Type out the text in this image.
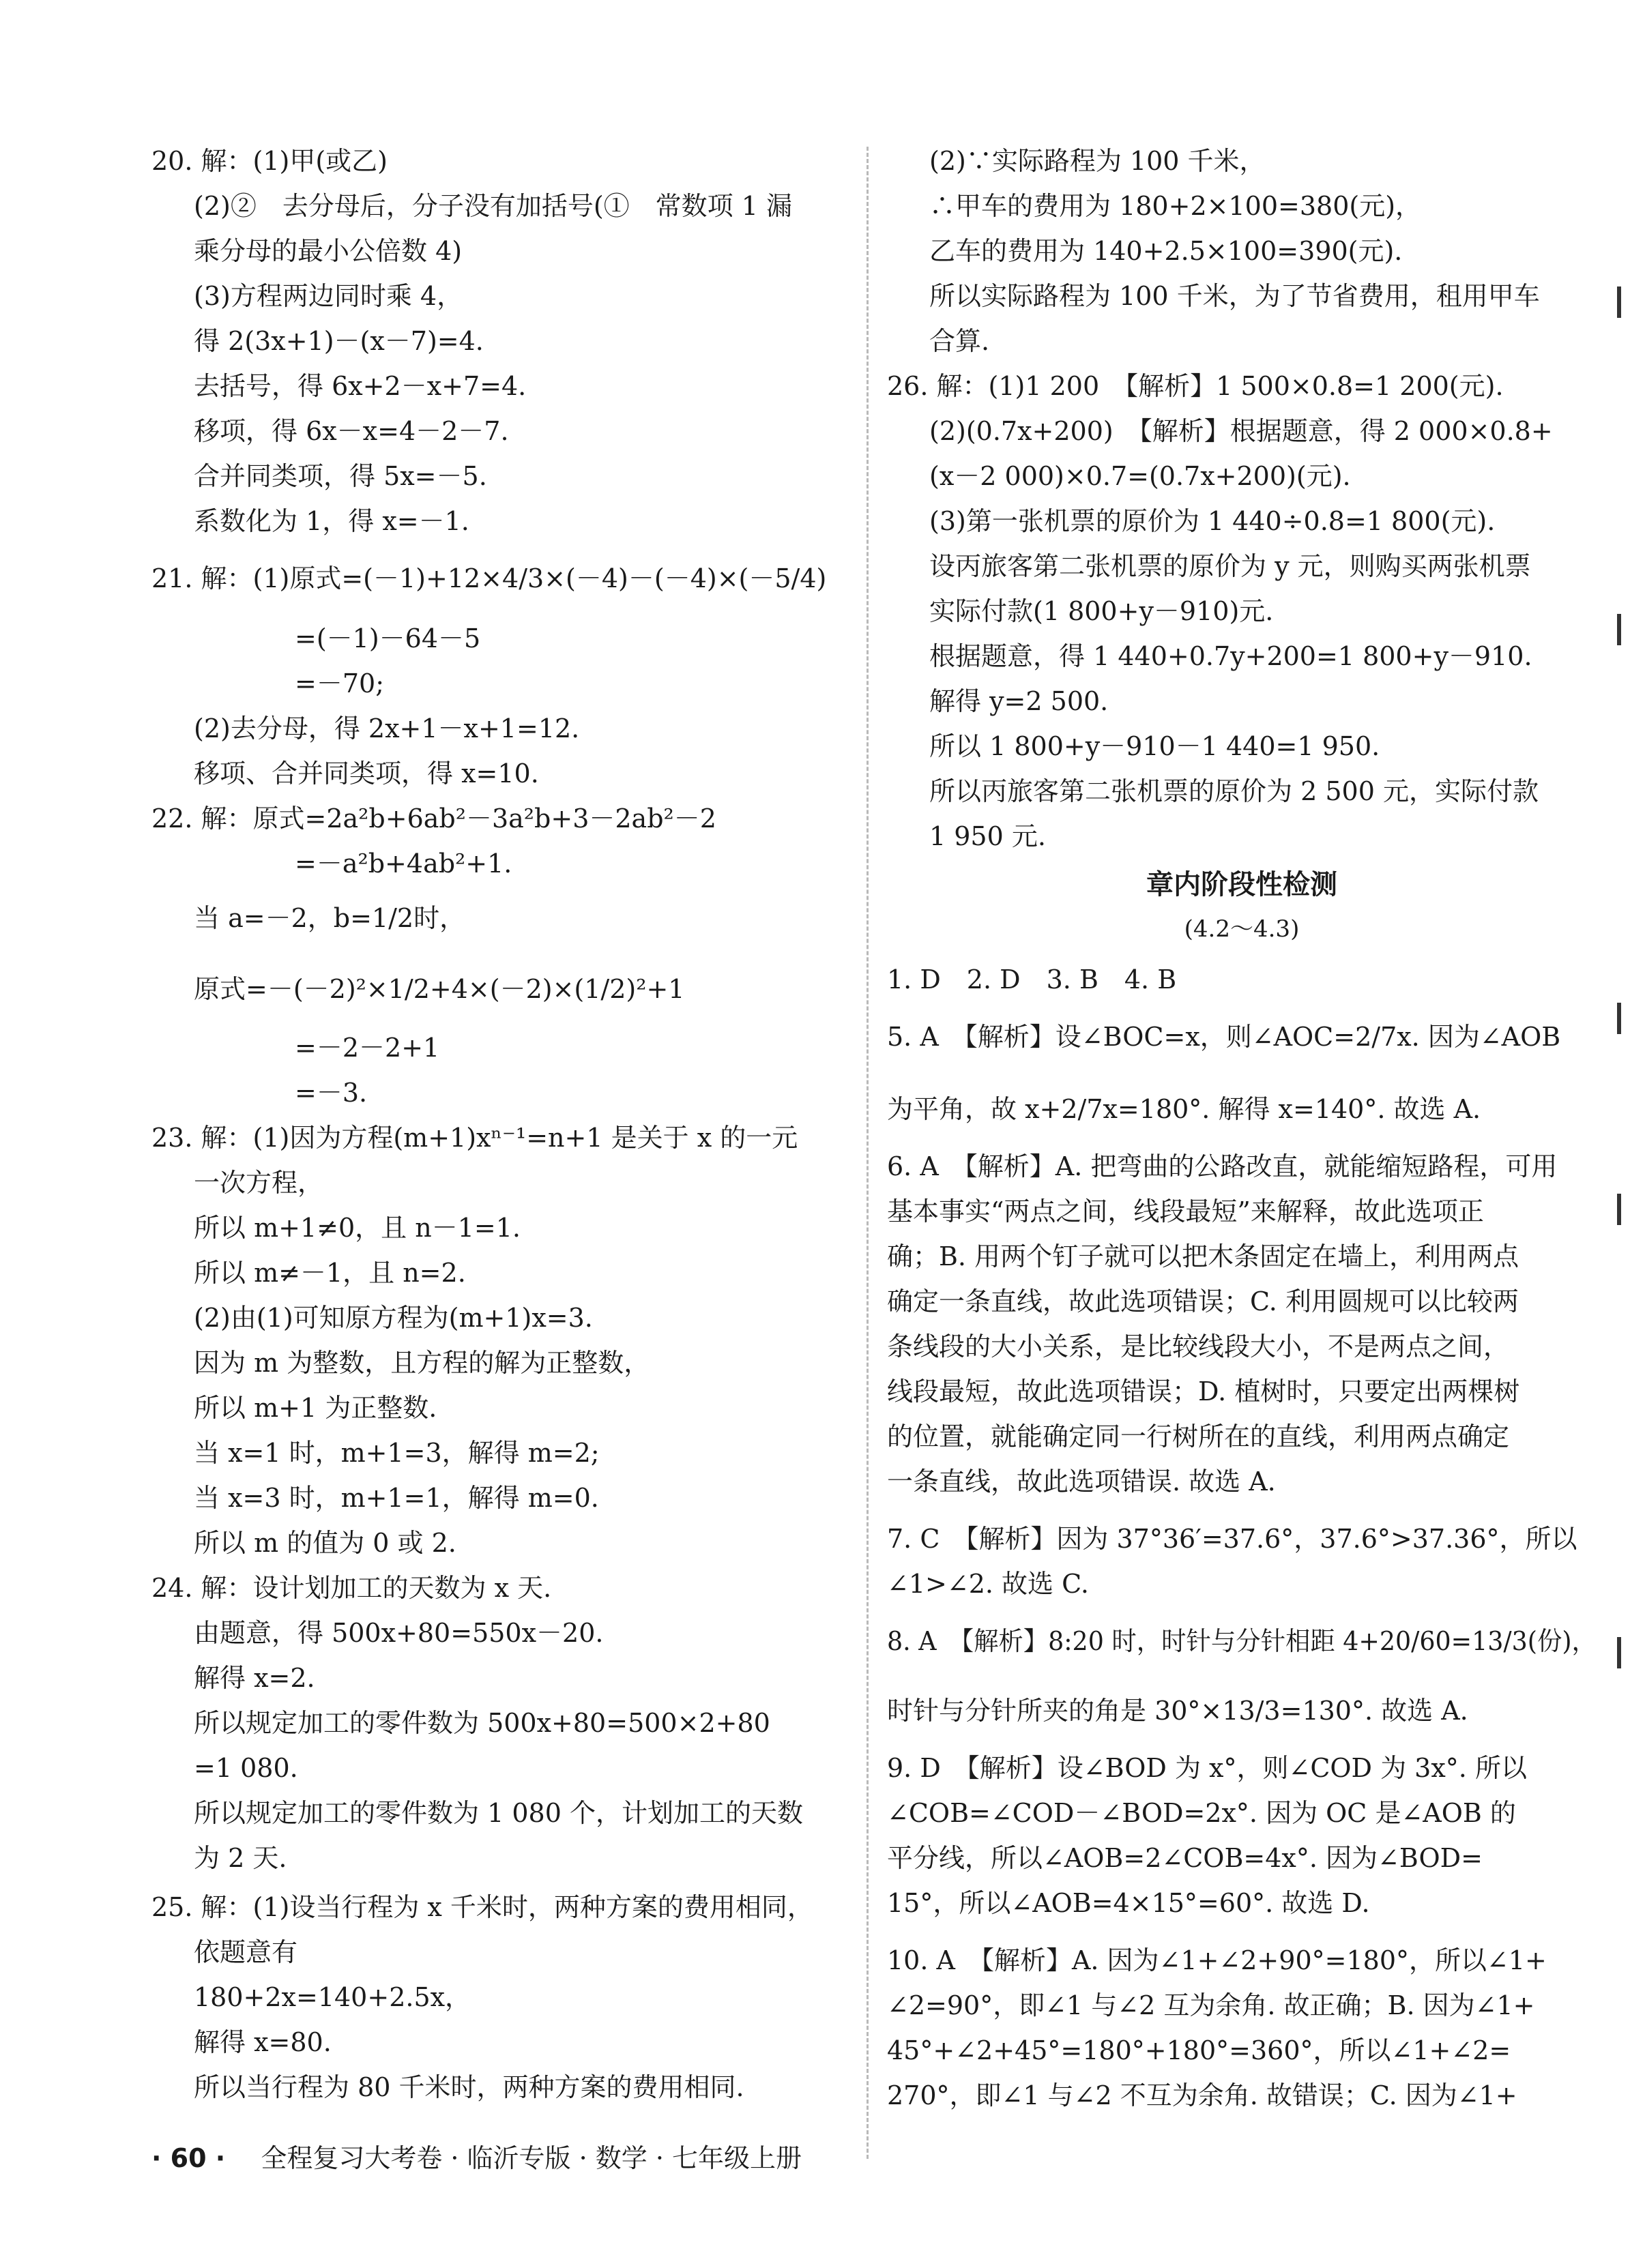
20. 解：(1)甲(或乙)
(2)②　去分母后，分子没有加括号(①　常数项 1 漏
乘分母的最小公倍数 4)
(3)方程两边同时乘 4，
得 2(3x+1)－(x－7)=4.
去括号，得 6x+2－x+7=4.
移项，得 6x－x=4－2－7.
合并同类项，得 5x=－5.
系数化为 1，得 x=－1.
21. 解：(1)原式=(－1)+12×4/3×(－4)－(－4)×(－5/4)
=(－1)－64－5
=－70;
(2)去分母，得 2x+1－x+1=12.
移项、合并同类项，得 x=10.
22. 解：原式=2a²b+6ab²－3a²b+3－2ab²－2
=－a²b+4ab²+1.
当 a=－2，b=1/2时，
原式=－(－2)²×1/2+4×(－2)×(1/2)²+1
=－2－2+1
=－3.
23. 解：(1)因为方程(m+1)xⁿ⁻¹=n+1 是关于 x 的一元
一次方程，
所以 m+1≠0，且 n－1=1.
所以 m≠－1，且 n=2.
(2)由(1)可知原方程为(m+1)x=3.
因为 m 为整数，且方程的解为正整数，
所以 m+1 为正整数.
当 x=1 时，m+1=3，解得 m=2;
当 x=3 时，m+1=1，解得 m=0.
所以 m 的值为 0 或 2.
24. 解：设计划加工的天数为 x 天.
由题意，得 500x+80=550x－20.
解得 x=2.
所以规定加工的零件数为 500x+80=500×2+80
=1 080.
所以规定加工的零件数为 1 080 个，计划加工的天数
为 2 天.
25. 解：(1)设当行程为 x 千米时，两种方案的费用相同，
依题意有
180+2x=140+2.5x，
解得 x=80.
所以当行程为 80 千米时，两种方案的费用相同.
(2)∵实际路程为 100 千米，
∴甲车的费用为 180+2×100=380(元)，
乙车的费用为 140+2.5×100=390(元).
所以实际路程为 100 千米，为了节省费用，租用甲车
合算.
26. 解：(1)1 200　【解析】1 500×0.8=1 200(元).
(2)(0.7x+200)　【解析】根据题意，得 2 000×0.8+
(x－2 000)×0.7=(0.7x+200)(元).
(3)第一张机票的原价为 1 440÷0.8=1 800(元).
设丙旅客第二张机票的原价为 y 元，则购买两张机票
实际付款(1 800+y－910)元.
根据题意，得 1 440+0.7y+200=1 800+y－910.
解得 y=2 500.
所以 1 800+y－910－1 440=1 950.
所以丙旅客第二张机票的原价为 2 500 元，实际付款
1 950 元.
章内阶段性检测
(4.2～4.3)
1. D　2. D　3. B　4. B
5. A　【解析】设∠BOC=x，则∠AOC=2/7x. 因为∠AOB
为平角，故 x+2/7x=180°. 解得 x=140°. 故选 A.
6. A　【解析】A. 把弯曲的公路改直，就能缩短路程，可用
基本事实“两点之间，线段最短”来解释，故此选项正
确；B. 用两个钉子就可以把木条固定在墙上，利用两点
确定一条直线，故此选项错误；C. 利用圆规可以比较两
条线段的大小关系，是比较线段大小，不是两点之间，
线段最短，故此选项错误；D. 植树时，只要定出两棵树
的位置，就能确定同一行树所在的直线，利用两点确定
一条直线，故此选项错误. 故选 A.
7. C　【解析】因为 37°36′=37.6°，37.6°>37.36°，所以
∠1>∠2. 故选 C.
8. A　【解析】8:20 时，时针与分针相距 4+20/60=13/3(份)，
时针与分针所夹的角是 30°×13/3=130°. 故选 A.
9. D　【解析】设∠BOD 为 x°，则∠COD 为 3x°. 所以
∠COB=∠COD－∠BOD=2x°. 因为 OC 是∠AOB 的
平分线，所以∠AOB=2∠COB=4x°. 因为∠BOD=
15°，所以∠AOB=4×15°=60°. 故选 D.
10. A　【解析】A. 因为∠1+∠2+90°=180°，所以∠1+
∠2=90°，即∠1 与∠2 互为余角. 故正确；B. 因为∠1+
45°+∠2+45°=180°+180°=360°，所以∠1+∠2=
270°，即∠1 与∠2 不互为余角. 故错误；C. 因为∠1+
· 60 · 全程复习大考卷 · 临沂专版 · 数学 · 七年级上册
